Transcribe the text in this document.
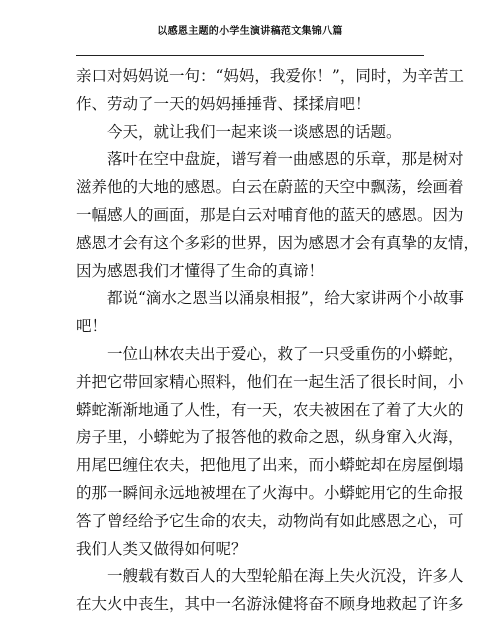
以感恩主题的小学生演讲稿范文集锦八篇
亲口对妈妈说一句：“妈妈，我爱你！”，同时，为辛苦工
作、劳动了一天的妈妈捶捶背、揉揉肩吧！
今天，就让我们一起来谈一谈感恩的话题。
落叶在空中盘旋，谱写着一曲感恩的乐章，那是树对
滋养他的大地的感恩。白云在蔚蓝的天空中飘荡，绘画着
一幅感人的画面，那是白云对哺育他的蓝天的感恩。因为
感恩才会有这个多彩的世界，因为感恩才会有真挚的友情，
因为感恩我们才懂得了生命的真谛！
都说“滴水之恩当以涌泉相报”，给大家讲两个小故事
吧！
一位山林农夫出于爱心，救了一只受重伤的小蟒蛇，
并把它带回家精心照料，他们在一起生活了很长时间，小
蟒蛇渐渐地通了人性，有一天，农夫被困在了着了大火的
房子里，小蟒蛇为了报答他的救命之恩，纵身窜入火海，
用尾巴缠住农夫，把他甩了出来，而小蟒蛇却在房屋倒塌
的那一瞬间永远地被埋在了火海中。小蟒蛇用它的生命报
答了曾经给予它生命的农夫，动物尚有如此感恩之心，可
我们人类又做得如何呢？
一艘载有数百人的大型轮船在海上失火沉没，许多人
在大火中丧生，其中一名游泳健将奋不顾身地救起了许多
